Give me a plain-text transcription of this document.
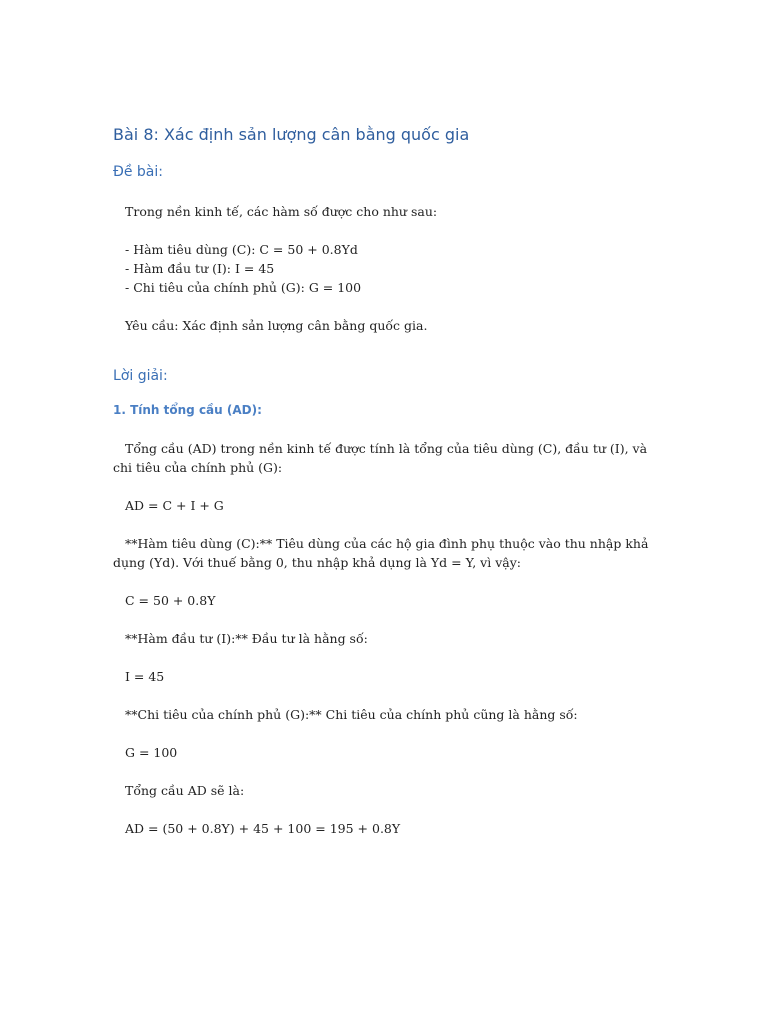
Bài 8: Xác định sản lượng cân bằng quốc gia
Đề bài:
Trong nền kinh tế, các hàm số được cho như sau:
- Hàm tiêu dùng (C): C = 50 + 0.8Yd
- Hàm đầu tư (I): I = 45
- Chi tiêu của chính phủ (G): G = 100
Yêu cầu: Xác định sản lượng cân bằng quốc gia.
Lời giải:
1. Tính tổng cầu (AD):
Tổng cầu (AD) trong nền kinh tế được tính là tổng của tiêu dùng (C), đầu tư (I), và chi tiêu của chính phủ (G):
AD = C + I + G
**Hàm tiêu dùng (C):** Tiêu dùng của các hộ gia đình phụ thuộc vào thu nhập khả dụng (Yd). Với thuế bằng 0, thu nhập khả dụng là Yd = Y, vì vậy:
C = 50 + 0.8Y
**Hàm đầu tư (I):** Đầu tư là hằng số:
I = 45
**Chi tiêu của chính phủ (G):** Chi tiêu của chính phủ cũng là hằng số:
G = 100
Tổng cầu AD sẽ là:
AD = (50 + 0.8Y) + 45 + 100 = 195 + 0.8Y
